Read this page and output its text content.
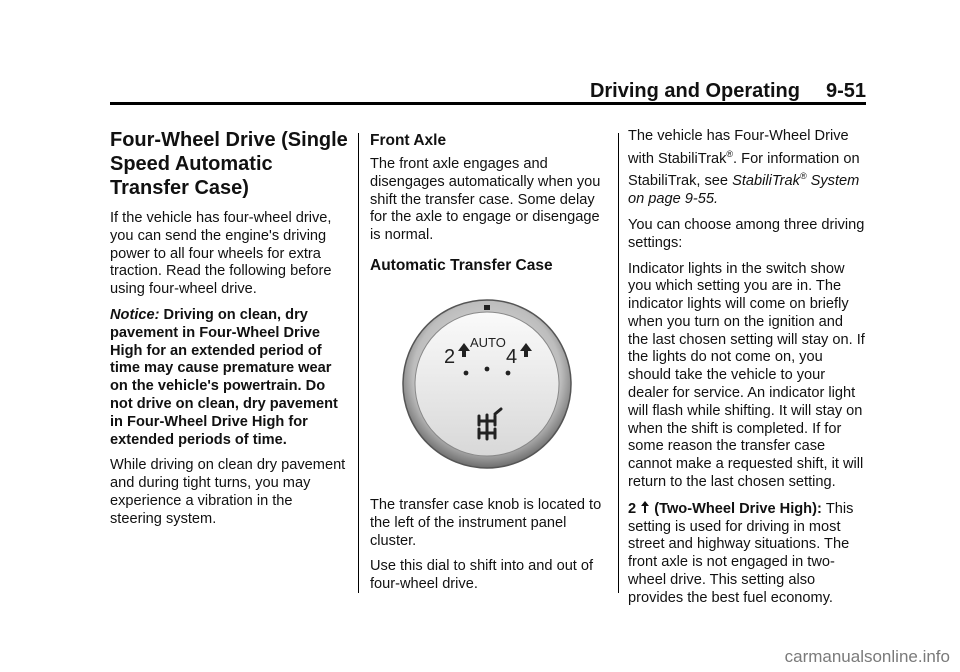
Driving and Operating 9-51
Four-Wheel Drive (Single
Speed Automatic
Transfer Case)

If the vehicle has four-wheel drive, you can send the engine's driving power to all four wheels for extra traction. Read the following before using four-wheel drive.

Notice: Driving on clean, dry pavement in Four-Wheel Drive High for an extended period of time may cause premature wear on the vehicle's powertrain. Do not drive on clean, dry pavement in Four-Wheel Drive High for extended periods of time.

While driving on clean dry pavement and during tight turns, you may experience a vibration in the steering system.

Front Axle

The front axle engages and disengages automatically when you shift the transfer case. Some delay for the axle to engage or disengage is normal.

Automatic Transfer Case
2
AUTO
4

The transfer case knob is located to the left of the instrument panel cluster.

Use this dial to shift into and out of four-wheel drive.

The vehicle has Four-Wheel Drive with StabiliTrak®. For information on StabiliTrak, see StabiliTrak® System on page 9-55.

You can choose among three driving settings:

Indicator lights in the switch show you which setting you are in. The indicator lights will come on briefly when you turn on the ignition and the last chosen setting will stay on. If the lights do not come on, you should take the vehicle to your dealer for service. An indicator light will flash while shifting. It will stay on when the shift is completed. If for some reason the transfer case cannot make a requested shift, it will return to the last chosen setting.

2 (Two-Wheel Drive High): This setting is used for driving in most street and highway situations. The front axle is not engaged in two-wheel drive. This setting also provides the best fuel economy.

carmanualsonline.info
